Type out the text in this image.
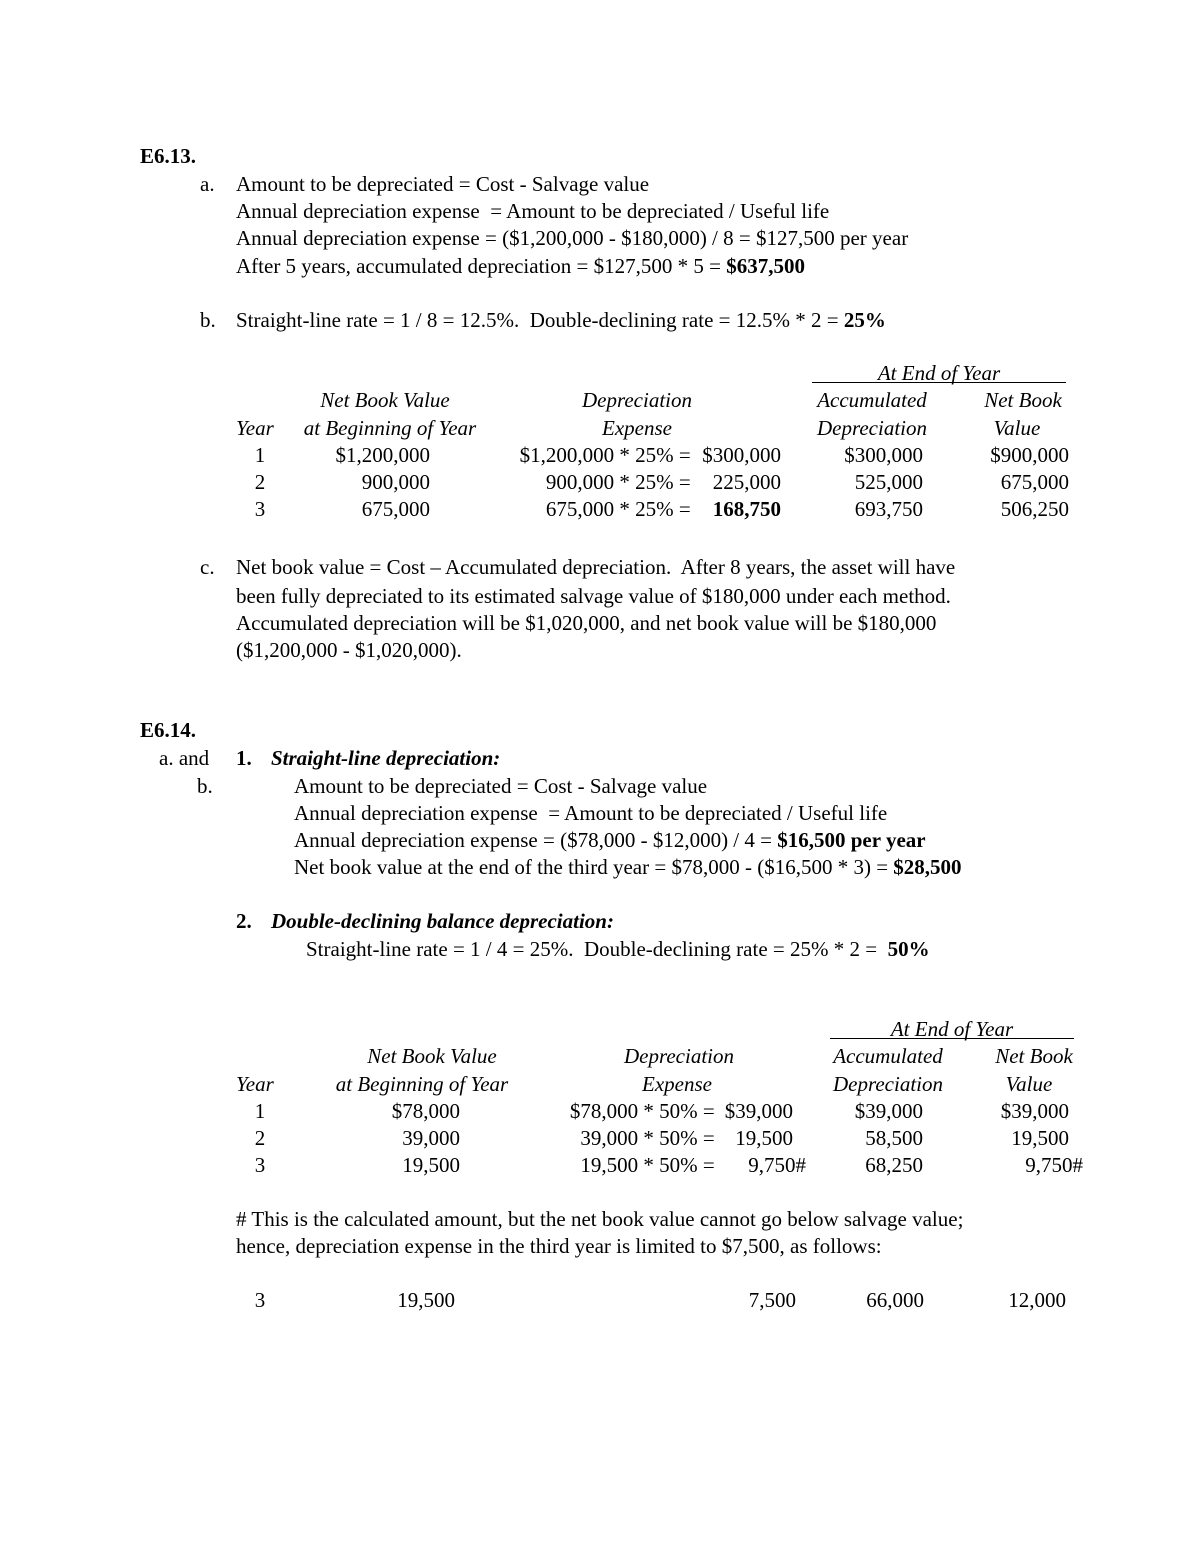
E6.13.
a. Amount to be depreciated = Cost - Salvage value
Annual depreciation expense  = Amount to be depreciated / Useful life
Annual depreciation expense = ($1,200,000 - $180,000) / 8 = $127,500 per year
After 5 years, accumulated depreciation = $127,500 * 5 = $637,500
b. Straight-line rate = 1 / 8 = 12.5%.  Double-declining rate = 12.5% * 2 = 25%
At End of Year
Net Book Value	Depreciation	Accumulated	Net Book
Year	at Beginning of Year	Expense	Depreciation	Value
1	$1,200,000	$1,200,000 * 25% = $300,000	$300,000	$900,000
2	900,000	900,000 * 25% = 225,000	525,000	675,000
3	675,000	675,000 * 25% = 168,750	693,750	506,250
c. Net book value = Cost – Accumulated depreciation.  After 8 years, the asset will have
been fully depreciated to its estimated salvage value of $180,000 under each method.
Accumulated depreciation will be $1,020,000, and net book value will be $180,000
($1,200,000 - $1,020,000).
E6.14.
a. and
b.
1. Straight-line depreciation:
Amount to be depreciated = Cost - Salvage value
Annual depreciation expense  = Amount to be depreciated / Useful life
Annual depreciation expense = ($78,000 - $12,000) / 4 = $16,500 per year
Net book value at the end of the third year = $78,000 - ($16,500 * 3) = $28,500
2. Double-declining balance depreciation:
Straight-line rate = 1 / 4 = 25%.  Double-declining rate = 25% * 2 =  50%
At End of Year
Net Book Value	Depreciation	Accumulated	Net Book
Year	at Beginning of Year	Expense	Depreciation	Value
1	$78,000	$78,000 * 50% = $39,000	$39,000	$39,000
2	39,000	39,000 * 50% = 19,500	58,500	19,500
3	19,500	19,500 * 50% =	9,750#	68,250	9,750#
# This is the calculated amount, but the net book value cannot go below salvage value;
hence, depreciation expense in the third year is limited to $7,500, as follows:
3	19,500	7,500	66,000	12,000
